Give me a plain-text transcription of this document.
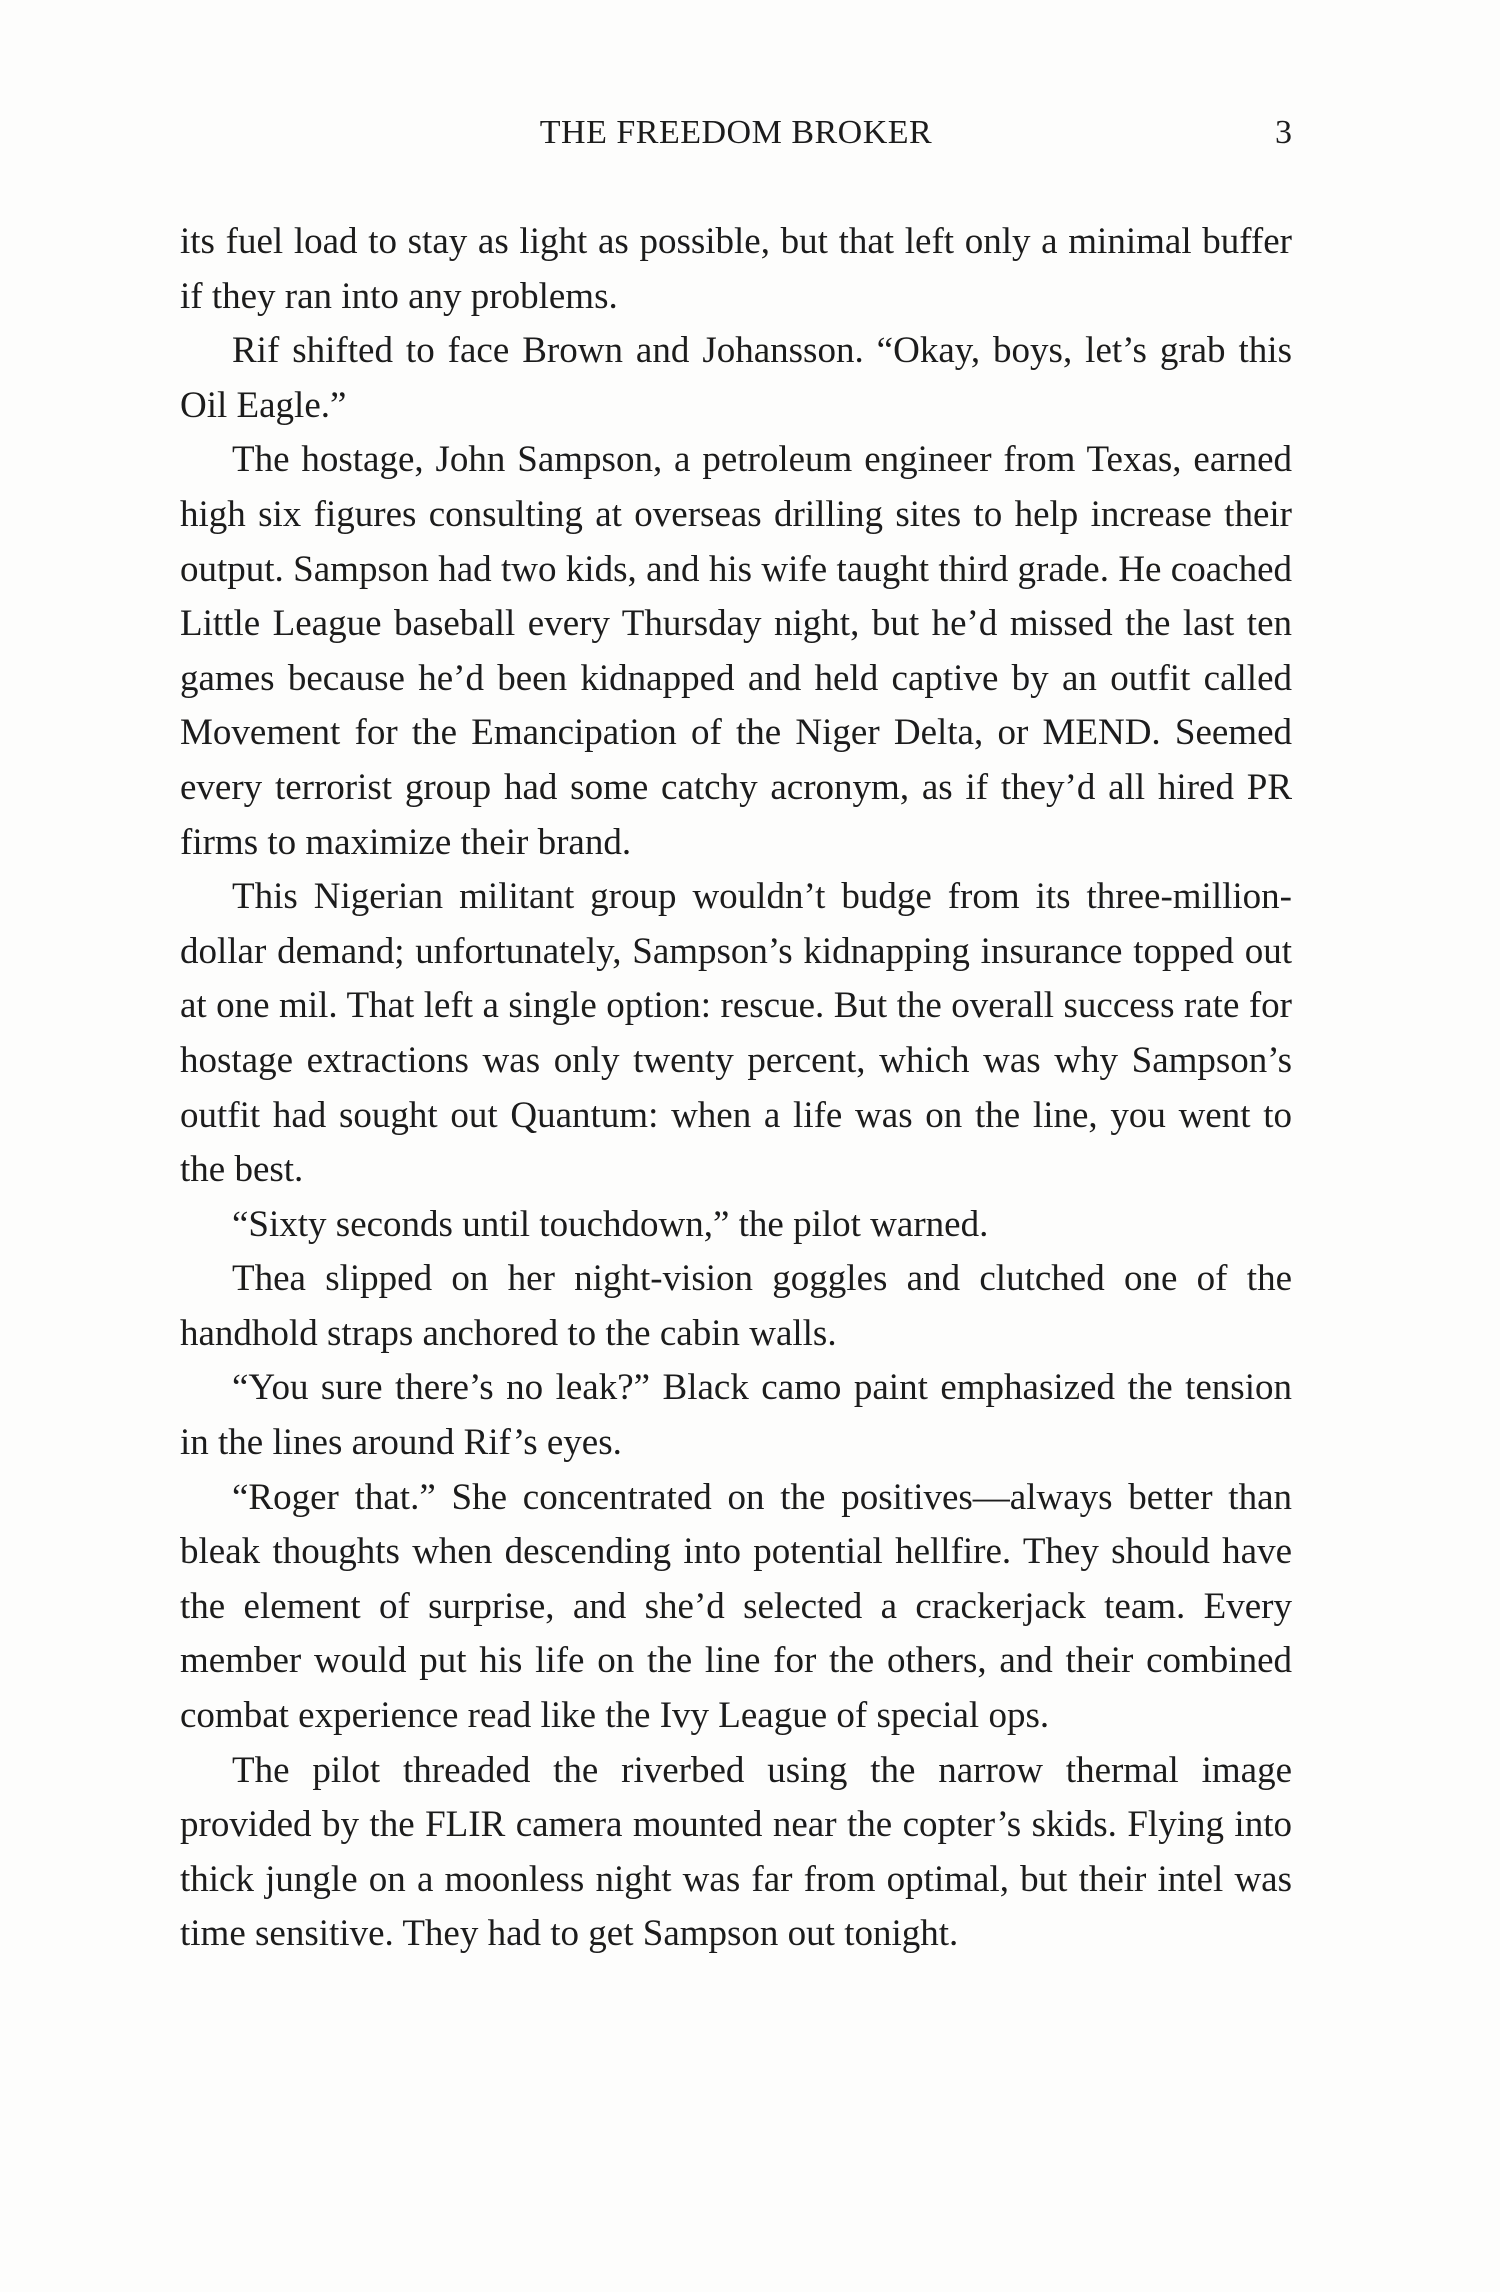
THE FREEDOM BROKER	3

its fuel load to stay as light as possible, but that left only a minimal buffer if they ran into any problems.

Rif shifted to face Brown and Johansson. “Okay, boys, let’s grab this Oil Eagle.”

The hostage, John Sampson, a petroleum engineer from Texas, earned high six figures consulting at overseas drilling sites to help increase their output. Sampson had two kids, and his wife taught third grade. He coached Little League baseball every Thursday night, but he’d missed the last ten games because he’d been kidnapped and held captive by an outfit called Movement for the Emancipation of the Niger Delta, or MEND. Seemed every terrorist group had some catchy acronym, as if they’d all hired PR firms to maximize their brand.

This Nigerian militant group wouldn’t budge from its three-million-dollar demand; unfortunately, Sampson’s kidnapping insurance topped out at one mil. That left a single option: rescue. But the overall success rate for hostage extractions was only twenty percent, which was why Sampson’s outfit had sought out Quantum: when a life was on the line, you went to the best.

“Sixty seconds until touchdown,” the pilot warned.

Thea slipped on her night-vision goggles and clutched one of the handhold straps anchored to the cabin walls.

“You sure there’s no leak?” Black camo paint emphasized the tension in the lines around Rif’s eyes.

“Roger that.” She concentrated on the positives—always better than bleak thoughts when descending into potential hellfire. They should have the element of surprise, and she’d selected a crackerjack team. Every member would put his life on the line for the others, and their combined combat experience read like the Ivy League of special ops.

The pilot threaded the riverbed using the narrow thermal image provided by the FLIR camera mounted near the copter’s skids. Flying into thick jungle on a moonless night was far from optimal, but their intel was time sensitive. They had to get Sampson out tonight.
